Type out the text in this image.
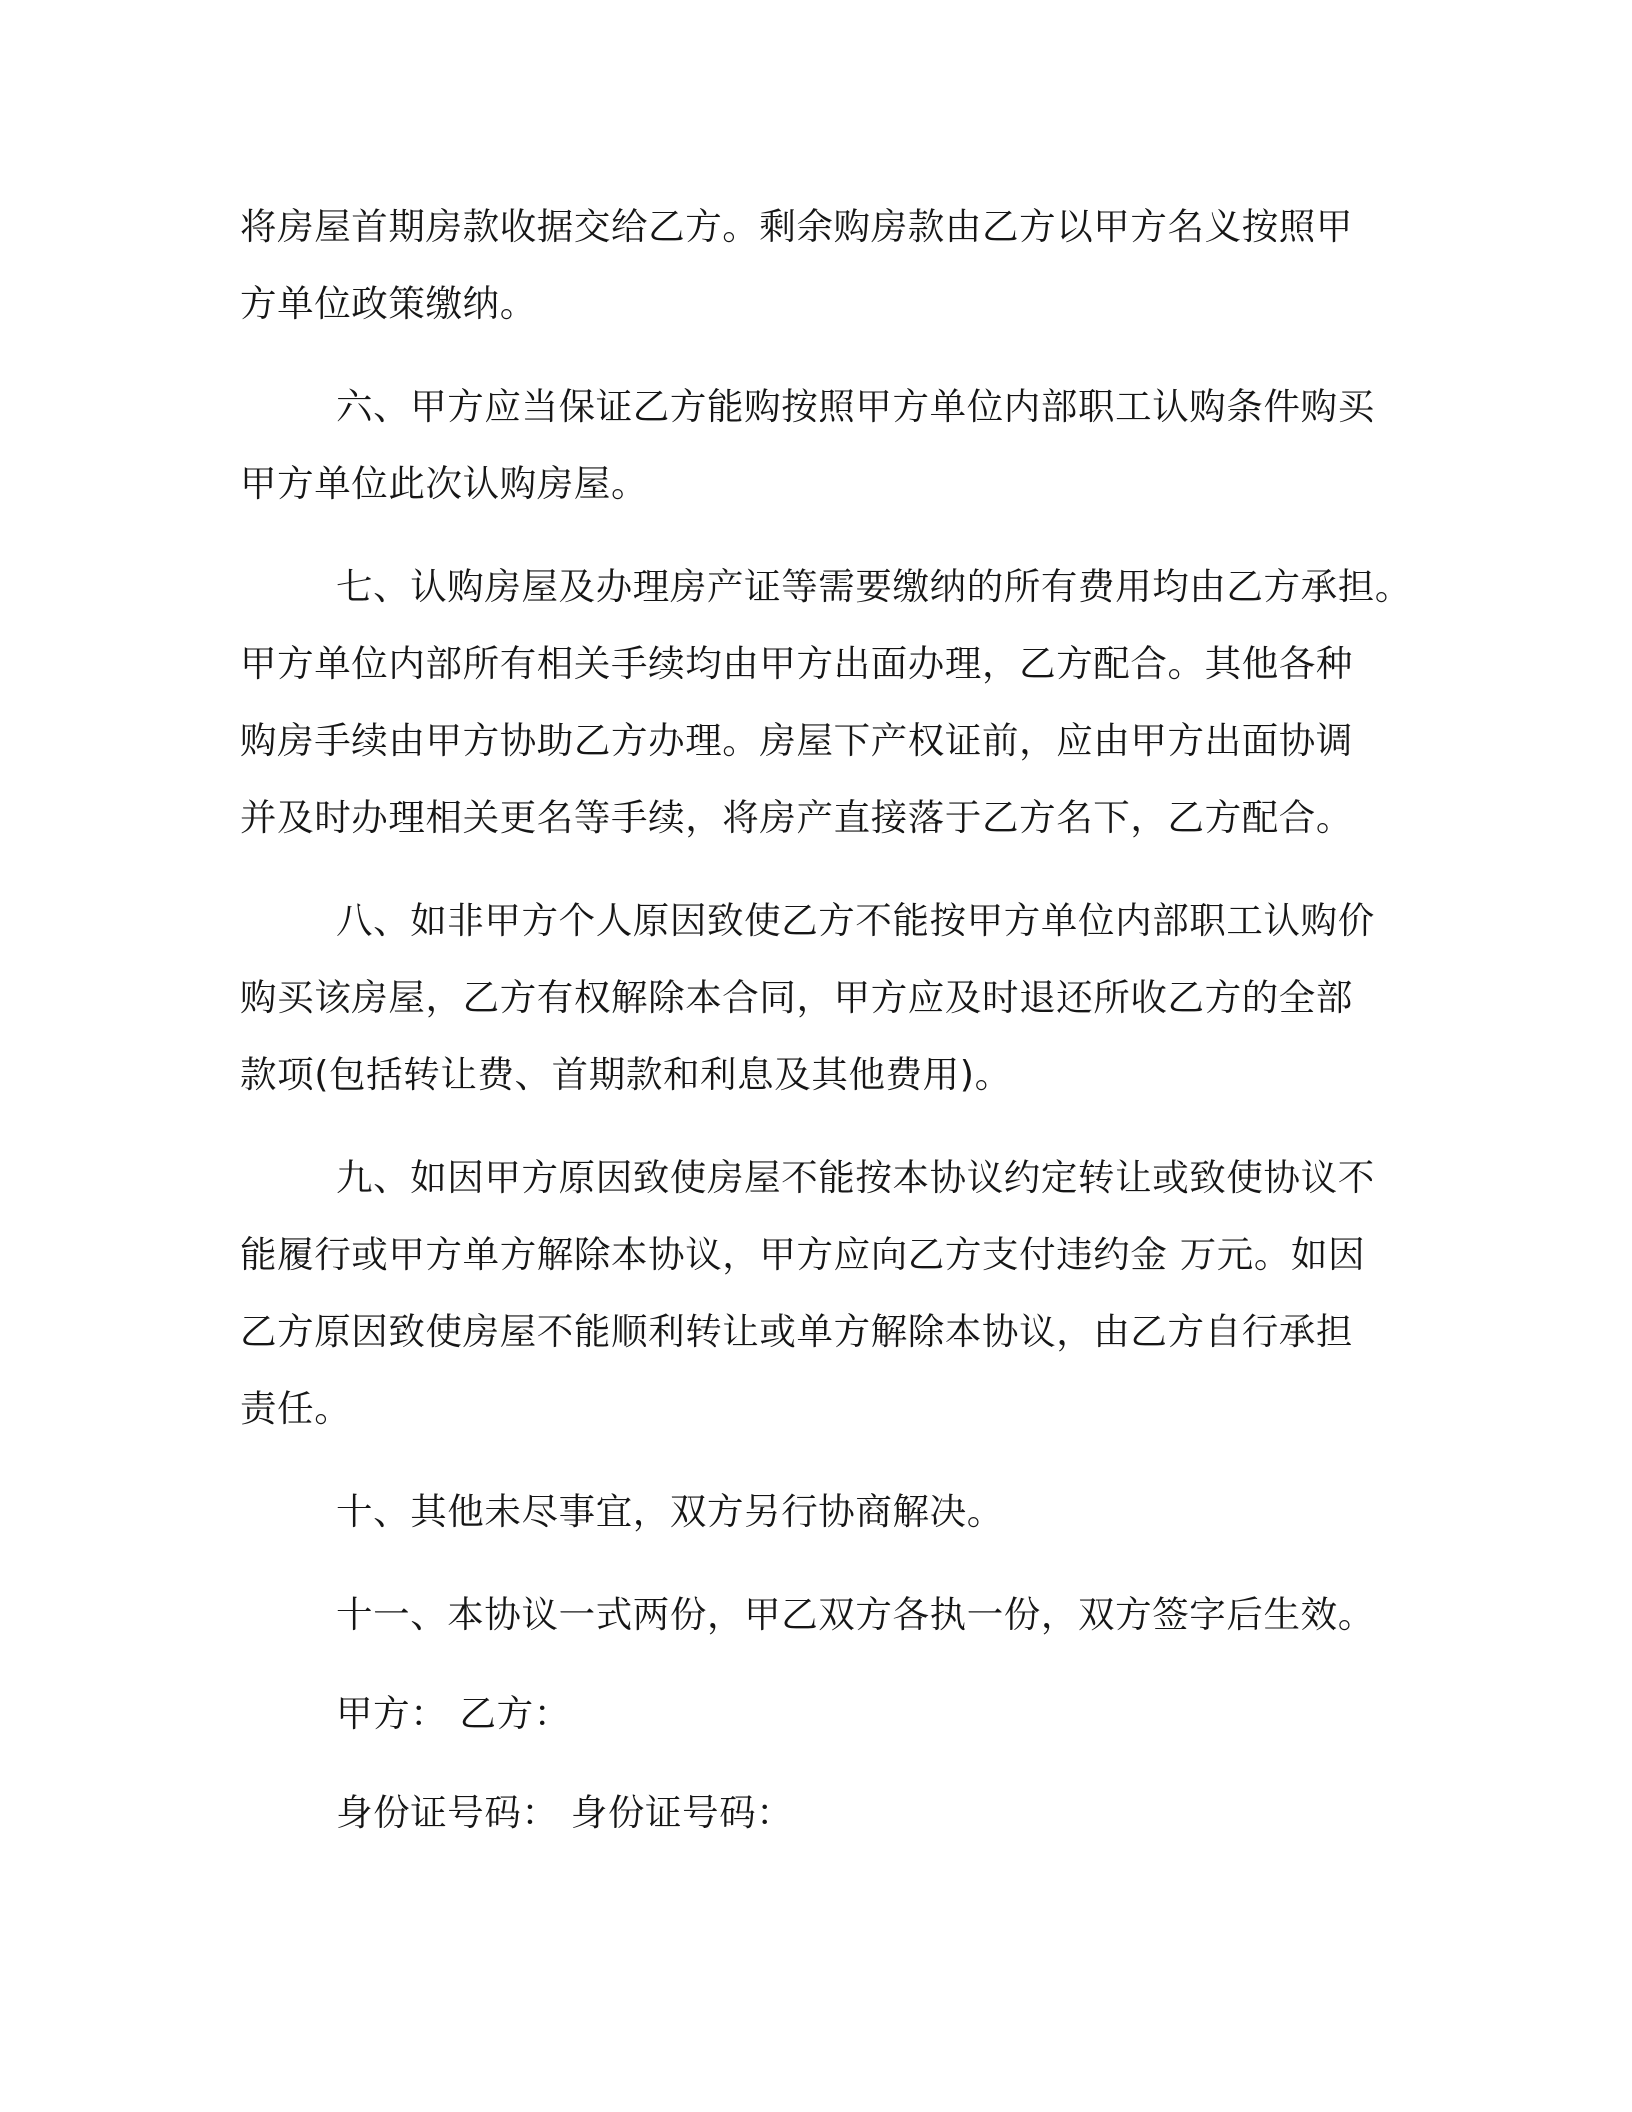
将房屋首期房款收据交给乙方。剩余购房款由乙方以甲方名义按照甲
方单位政策缴纳。
六、甲方应当保证乙方能购按照甲方单位内部职工认购条件购买
甲方单位此次认购房屋。
七、认购房屋及办理房产证等需要缴纳的所有费用均由乙方承担。
甲方单位内部所有相关手续均由甲方出面办理，乙方配合。其他各种
购房手续由甲方协助乙方办理。房屋下产权证前，应由甲方出面协调
并及时办理相关更名等手续，将房产直接落于乙方名下，乙方配合。
八、如非甲方个人原因致使乙方不能按甲方单位内部职工认购价
购买该房屋，乙方有权解除本合同，甲方应及时退还所收乙方的全部
款项(包括转让费、首期款和利息及其他费用)。
九、如因甲方原因致使房屋不能按本协议约定转让或致使协议不
能履行或甲方单方解除本协议，甲方应向乙方支付违约金 万元。如因
乙方原因致使房屋不能顺利转让或单方解除本协议，由乙方自行承担
责任。
十、其他未尽事宜，双方另行协商解决。
十一、本协议一式两份，甲乙双方各执一份，双方签字后生效。
甲方： 乙方：
身份证号码： 身份证号码：
